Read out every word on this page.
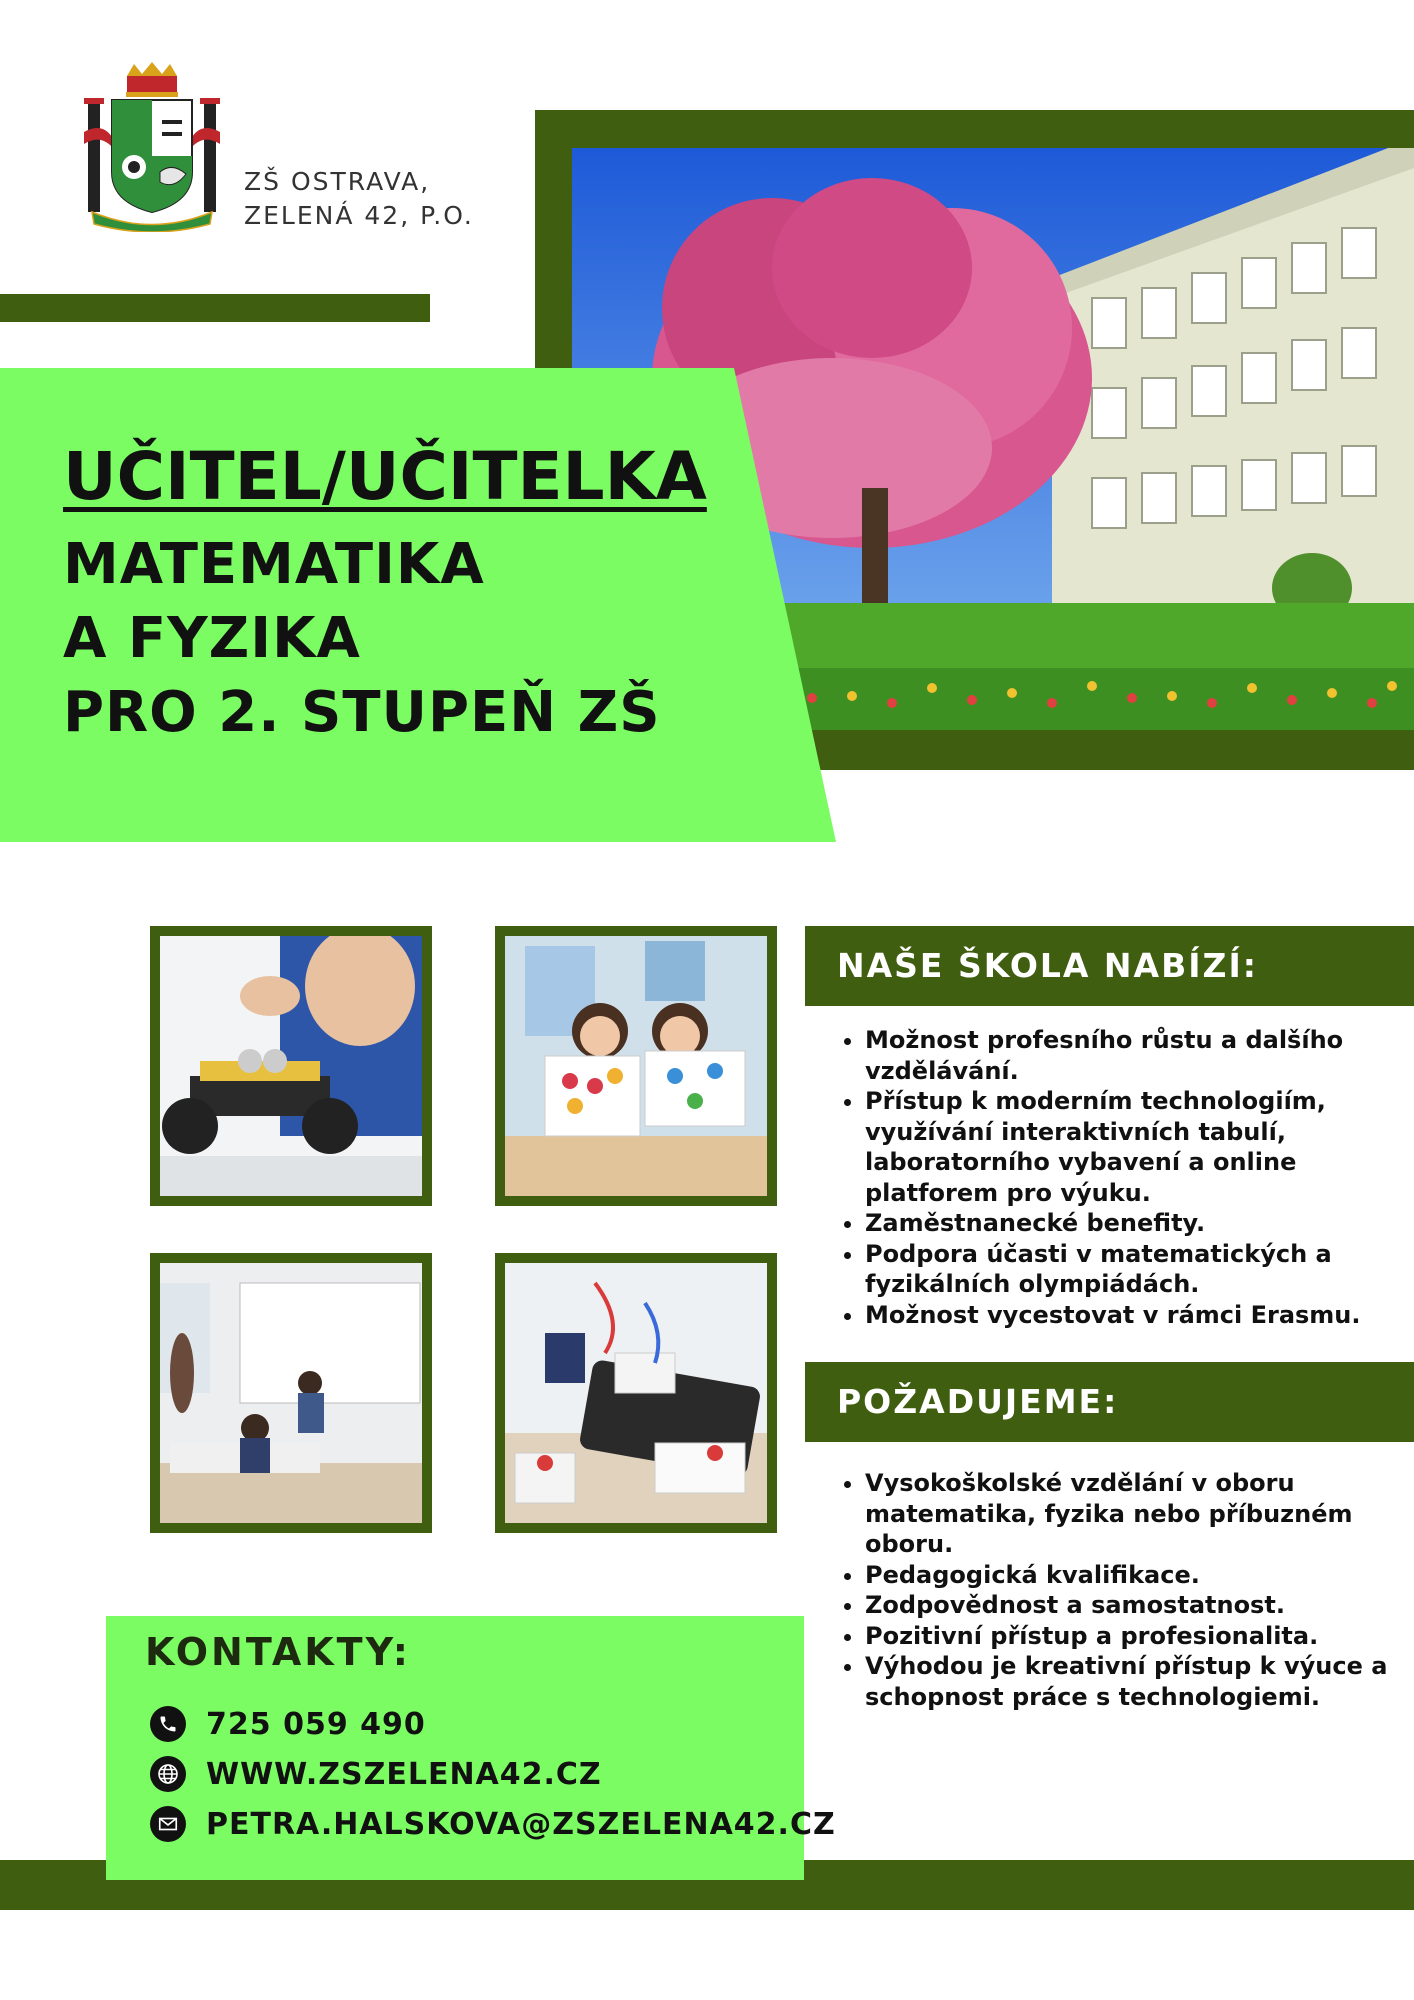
ZŠ OSTRAVA,
ZELENÁ 42, P.O.
UČITEL/UČITELKA
MATEMATIKA
A FYZIKA
PRO 2. STUPEŇ ZŠ
NAŠE ŠKOLA NABÍZÍ:
• Možnost profesního růstu a dalšího vzdělávání.
• Přístup k moderním technologiím, využívání interaktivních tabulí, laboratorního vybavení a online platforem pro výuku.
• Zaměstnanecké benefity.
• Podpora účasti v matematických a fyzikálních olympiádách.
• Možnost vycestovat v rámci Erasmu.
POŽADUJEME:
• Vysokoškolské vzdělání v oboru matematika, fyzika nebo příbuzném oboru.
• Pedagogická kvalifikace.
• Zodpovědnost a samostatnost.
• Pozitivní přístup a profesionalita.
• Výhodou je kreativní přístup k výuce a schopnost práce s technologiemi.
KONTAKTY:
725 059 490
WWW.ZSZELENA42.CZ
PETRA.HALSKOVA@ZSZELENA42.CZ
